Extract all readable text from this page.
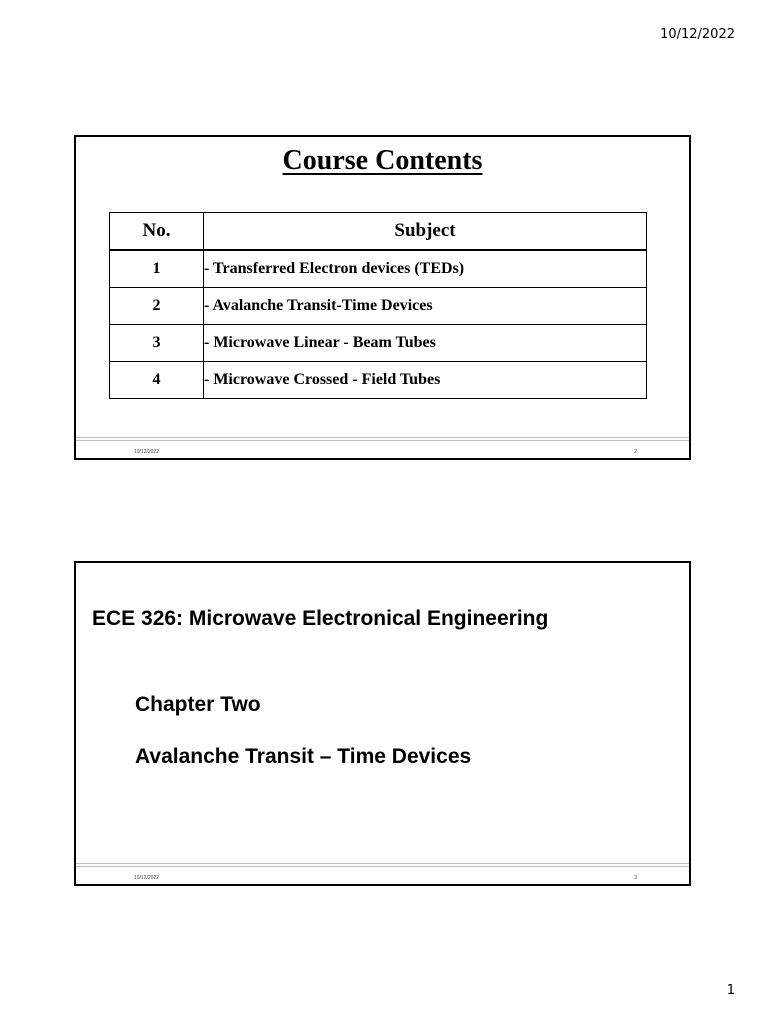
10/12/2022
Course Contents
No.	Subject
1	- Transferred Electron devices (TEDs)
2	- Avalanche Transit-Time Devices
3	- Microwave Linear - Beam Tubes
4	- Microwave Crossed - Field Tubes
10/12/2022	2
ECE 326: Microwave Electronical Engineering
Chapter Two
Avalanche Transit – Time Devices
10/12/2022	3
1
